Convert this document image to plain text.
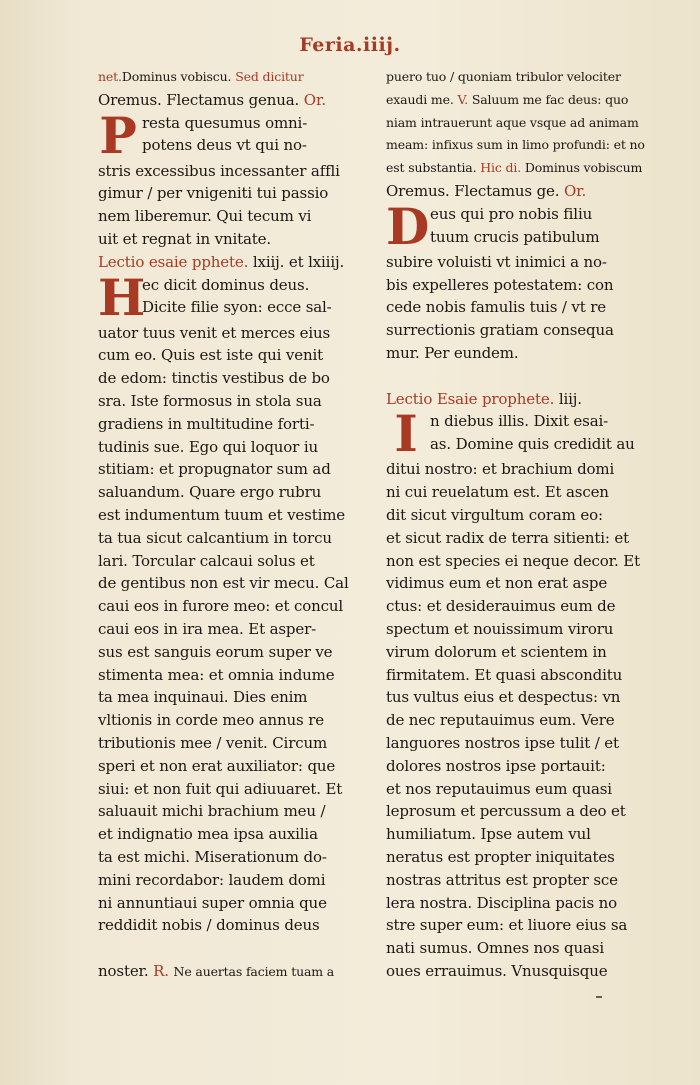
Feria.iiij.
net.Dominus vobiscu. Sed dicitur
Oremus. Flectamus genua. Or.
P resta quesumus omni-
potens deus vt qui no-
stris excessibus incessanter affli
gimur / per vnigeniti tui passio
nem liberemur. Qui tecum vi
uit et regnat in vnitate.
Lectio esaie pphete. lxiij. et lxiiij.
H
ec dicit dominus deus.
Dicite filie syon: ecce sal-
uator tuus venit et merces eius
cum eo. Quis est iste qui venit
de edom: tinctis vestibus de bo
sra. Iste formosus in stola sua
gradiens in multitudine forti-
tudinis sue. Ego qui loquor iu
stitiam: et propugnator sum ad
saluandum. Quare ergo rubru
est indumentum tuum et vestime
ta tua sicut calcantium in torcu
lari. Torcular calcaui solus et
de gentibus non est vir mecu. Cal
caui eos in furore meo: et concul
caui eos in ira mea. Et asper-
sus est sanguis eorum super ve
stimenta mea: et omnia indume
ta mea inquinaui. Dies enim
vltionis in corde meo annus re
tributionis mee / venit. Circum
speri et non erat auxiliator: que
siui: et non fuit qui adiuuaret. Et
saluauit michi brachium meu /
et indignatio mea ipsa auxilia
ta est michi. Miserationum do-
mini recordabor: laudem domi
ni annuntiaui super omnia que
reddidit nobis / dominus deus
noster. R. Ne auertas faciem tuam a
puero tuo / quoniam tribulor velociter
exaudi me. V. Saluum me fac deus: quo
niam intrauerunt aque vsque ad animam
meam: infixus sum in limo profundi: et no
est substantia. Hic di. Dominus vobiscum
Oremus. Flectamus ge. Or.
D eus qui pro nobis filiu
tuum crucis patibulum
subire voluisti vt inimici a no-
bis expelleres potestatem: con
cede nobis famulis tuis / vt re
surrectionis gratiam consequa
mur. Per eundem.
Lectio Esaie prophete. liij.
I n diebus illis. Dixit esai-
as. Domine quis credidit au
ditui nostro: et brachium domi
ni cui reuelatum est. Et ascen
dit sicut virgultum coram eo:
et sicut radix de terra sitienti: et
non est species ei neque decor. Et
vidimus eum et non erat aspe
ctus: et desiderauimus eum de
spectum et nouissimum viroru
virum dolorum et scientem in
firmitatem. Et quasi absconditu
tus vultus eius et despectus: vn
de nec reputauimus eum. Vere
languores nostros ipse tulit / et
dolores nostros ipse portauit:
et nos reputauimus eum quasi
leprosum et percussum a deo et
humiliatum. Ipse autem vul
neratus est propter iniquitates
nostras attritus est propter sce
lera nostra. Disciplina pacis no
stre super eum: et liuore eius sa
nati sumus. Omnes nos quasi
oues errauimus. Vnusquisque
